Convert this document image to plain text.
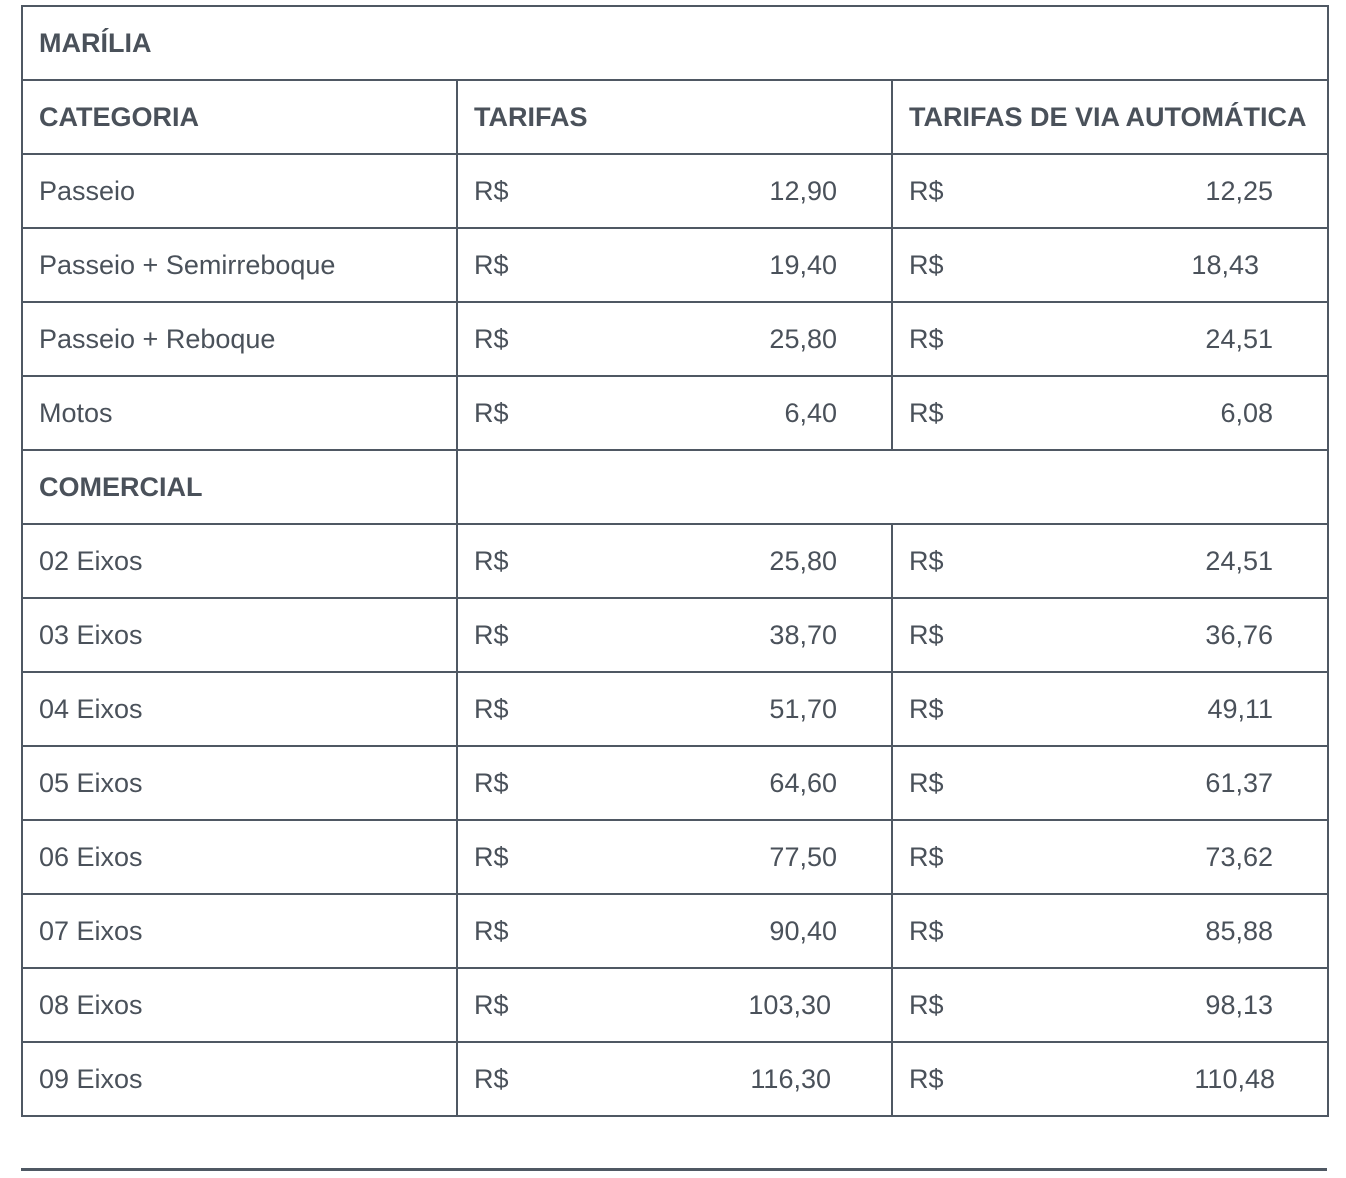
MARÍLIA		
CATEGORIA	TARIFAS	TARIFAS DE VIA AUTOMÁTICA
Passeio	R$ 12,90	R$ 12,25

Passeio + Semirreboque	R$ 19,40	R$ 18,43

Passeio + Reboque	R$ 25,80	R$ 24,51

Motos	R$ 6,40	R$ 6,08

COMERCIAL		
02 Eixos	R$ 25,80	R$ 24,51

03 Eixos	R$ 38,70	R$ 36,76

04 Eixos	R$ 51,70	R$ 49,11

05 Eixos	R$ 64,60	R$ 61,37

06 Eixos	R$ 77,50	R$ 73,62

07 Eixos	R$ 90,40	R$ 85,88

08 Eixos	R$ 103,30	R$ 98,13

09 Eixos	R$ 116,30	R$ 110,48
